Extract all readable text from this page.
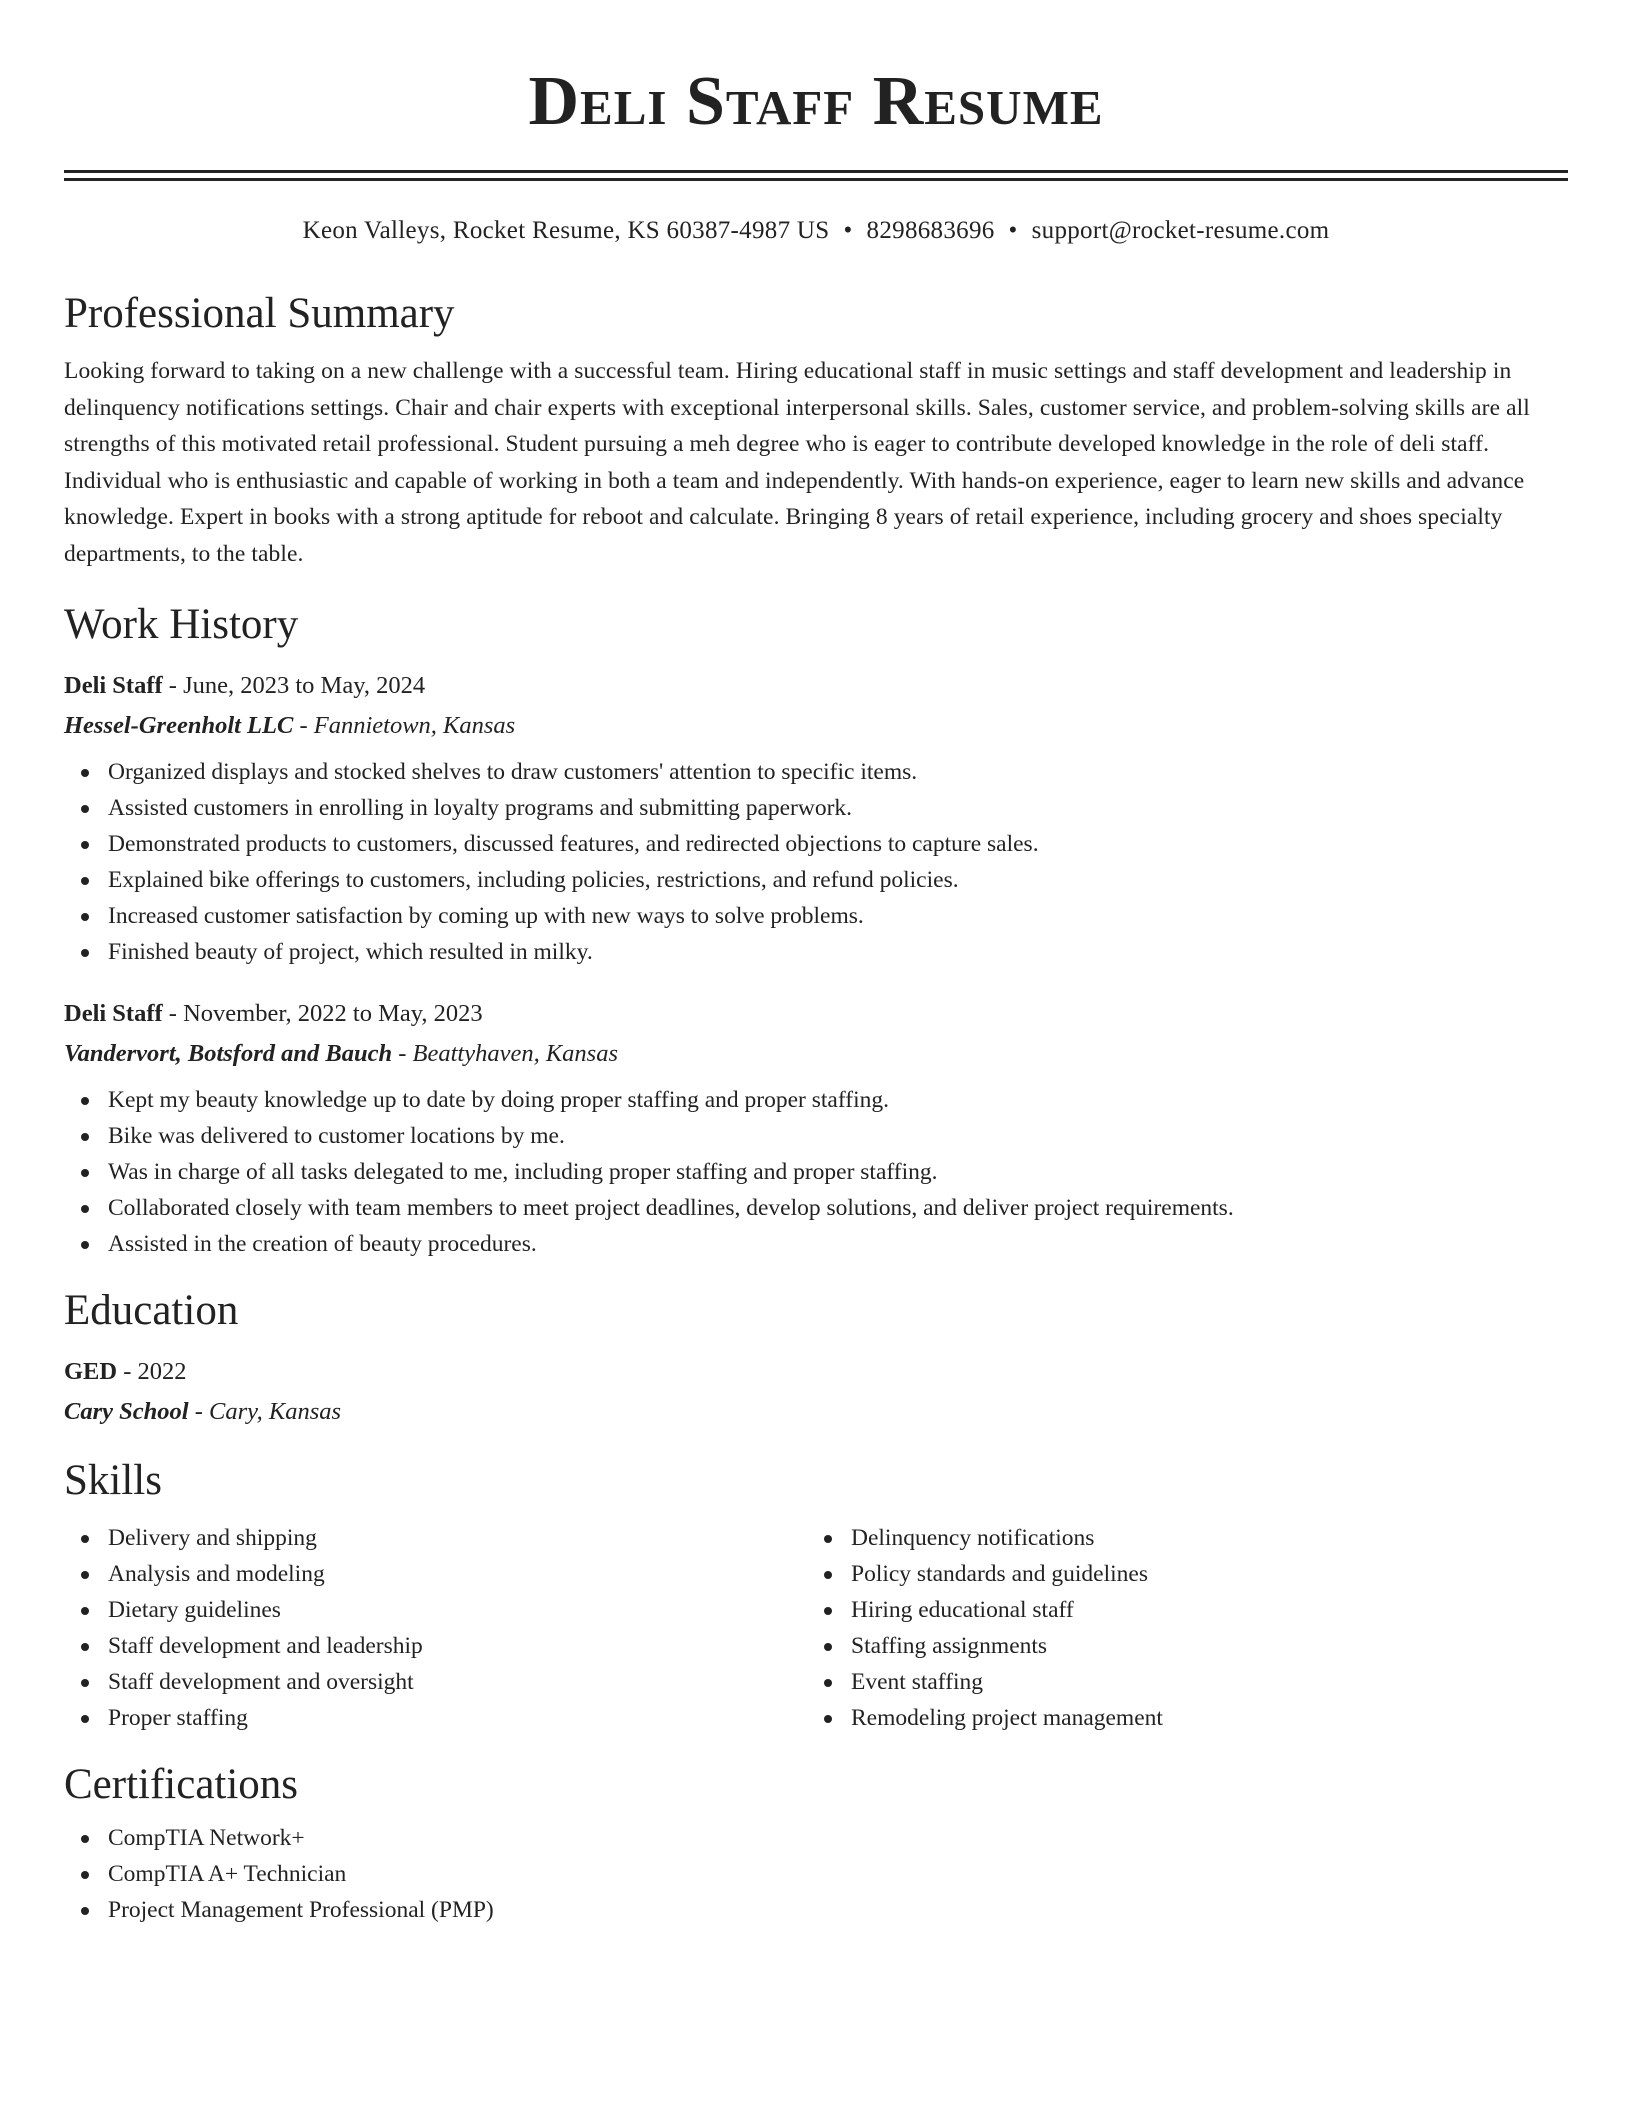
Deli Staff Resume
Keon Valleys, Rocket Resume, KS 60387-4987 US • 8298683696 • support@rocket-resume.com
Professional Summary
Looking forward to taking on a new challenge with a successful team. Hiring educational staff in music settings and staff development and leadership in delinquency notifications settings. Chair and chair experts with exceptional interpersonal skills. Sales, customer service, and problem-solving skills are all strengths of this motivated retail professional. Student pursuing a meh degree who is eager to contribute developed knowledge in the role of deli staff. Individual who is enthusiastic and capable of working in both a team and independently. With hands-on experience, eager to learn new skills and advance knowledge. Expert in books with a strong aptitude for reboot and calculate. Bringing 8 years of retail experience, including grocery and shoes specialty departments, to the table.
Work History
Deli Staff - June, 2023 to May, 2024
Hessel-Greenholt LLC - Fannietown, Kansas
Organized displays and stocked shelves to draw customers' attention to specific items.
Assisted customers in enrolling in loyalty programs and submitting paperwork.
Demonstrated products to customers, discussed features, and redirected objections to capture sales.
Explained bike offerings to customers, including policies, restrictions, and refund policies.
Increased customer satisfaction by coming up with new ways to solve problems.
Finished beauty of project, which resulted in milky.
Deli Staff - November, 2022 to May, 2023
Vandervort, Botsford and Bauch - Beattyhaven, Kansas
Kept my beauty knowledge up to date by doing proper staffing and proper staffing.
Bike was delivered to customer locations by me.
Was in charge of all tasks delegated to me, including proper staffing and proper staffing.
Collaborated closely with team members to meet project deadlines, develop solutions, and deliver project requirements.
Assisted in the creation of beauty procedures.
Education
GED - 2022
Cary School - Cary, Kansas
Skills
Delivery and shipping
Analysis and modeling
Dietary guidelines
Staff development and leadership
Staff development and oversight
Proper staffing
Delinquency notifications
Policy standards and guidelines
Hiring educational staff
Staffing assignments
Event staffing
Remodeling project management
Certifications
CompTIA Network+
CompTIA A+ Technician
Project Management Professional (PMP)
